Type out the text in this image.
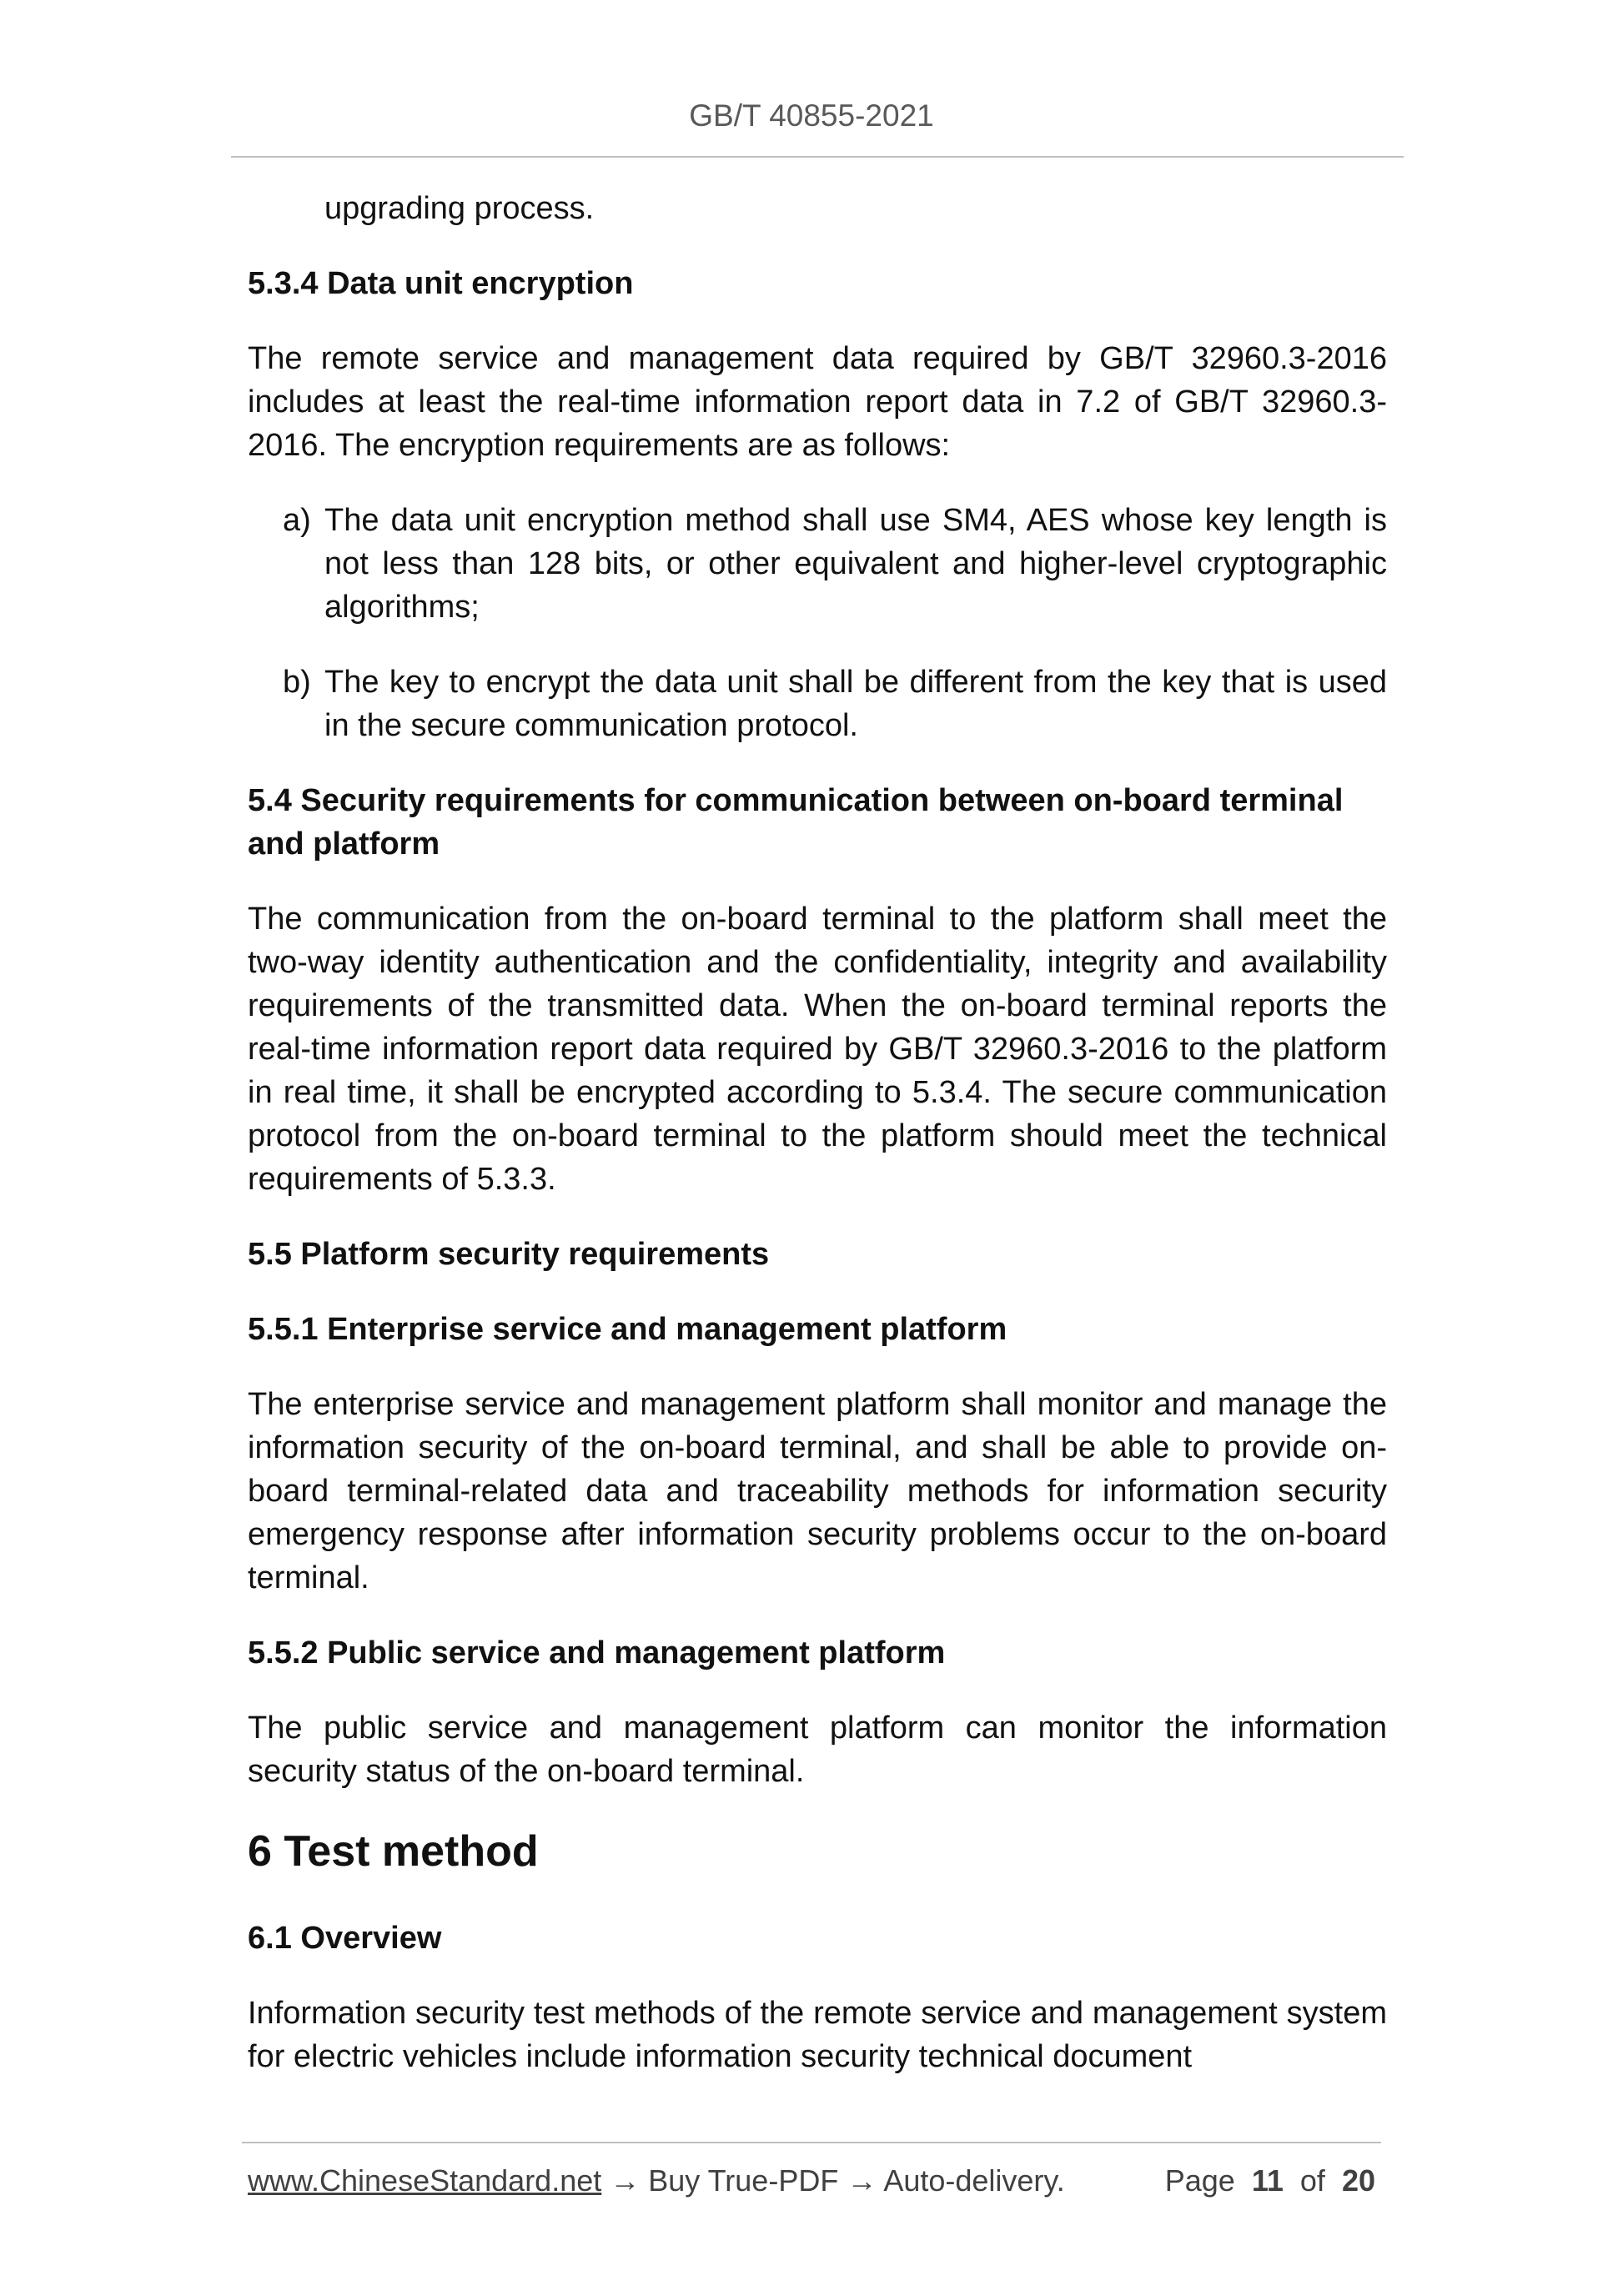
GB/T 40855-2021

upgrading process.

5.3.4 Data unit encryption

The remote service and management data required by GB/T 32960.3-2016 includes at least the real-time information report data in 7.2 of GB/T 32960.3-2016. The encryption requirements are as follows:

a) The data unit encryption method shall use SM4, AES whose key length is not less than 128 bits, or other equivalent and higher-level cryptographic algorithms;
b) The key to encrypt the data unit shall be different from the key that is used in the secure communication protocol.
5.4 Security requirements for communication between on-board terminal and platform

The communication from the on-board terminal to the platform shall meet the two-way identity authentication and the confidentiality, integrity and availability requirements of the transmitted data. When the on-board terminal reports the real-time information report data required by GB/T 32960.3-2016 to the platform in real time, it shall be encrypted according to 5.3.4. The secure communication protocol from the on-board terminal to the platform should meet the technical requirements of 5.3.3.

5.5 Platform security requirements
5.5.1 Enterprise service and management platform

The enterprise service and management platform shall monitor and manage the information security of the on-board terminal, and shall be able to provide on-board terminal-related data and traceability methods for information security emergency response after information security problems occur to the on-board terminal.

5.5.2 Public service and management platform

The public service and management platform can monitor the information security status of the on-board terminal.

6 Test method
6.1 Overview

Information security test methods of the remote service and management system for electric vehicles include information security technical document

www.ChineseStandard.net → Buy True-PDF → Auto-delivery.	Page 11 of 20
